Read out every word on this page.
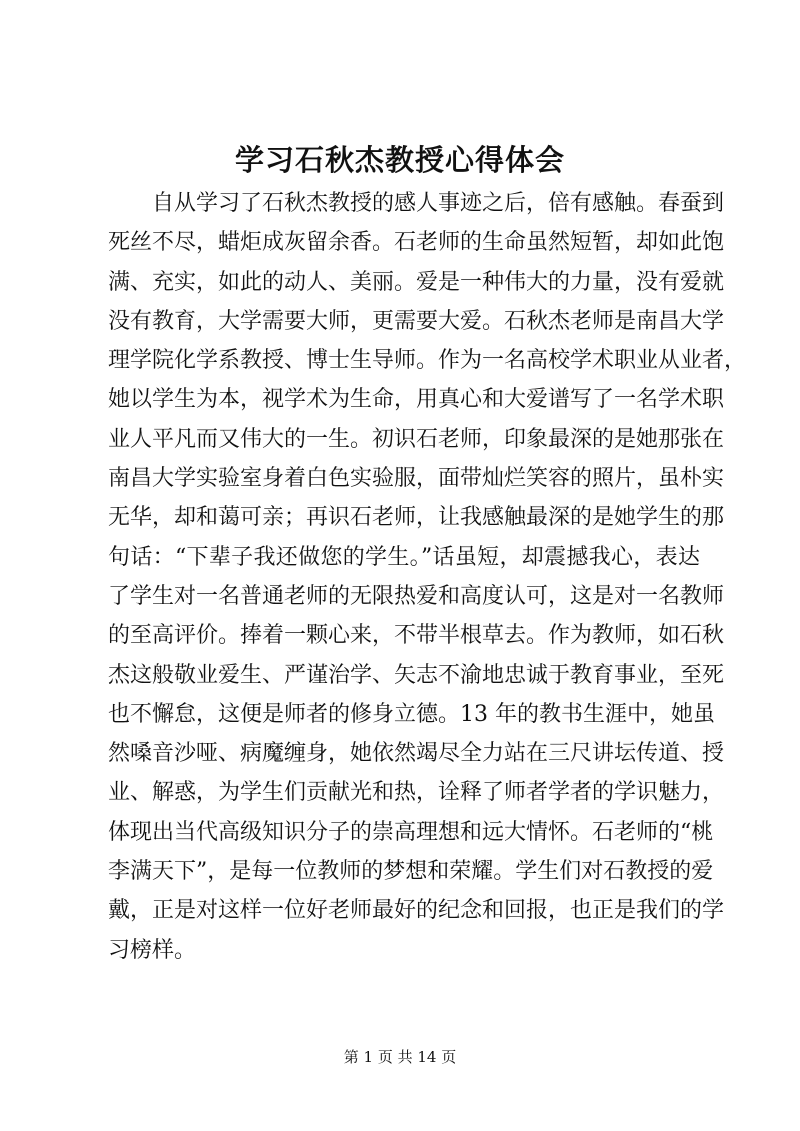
学习石秋杰教授心得体会
自从学习了石秋杰教授的感人事迹之后，倍有感触。春蚕到
死丝不尽，蜡炬成灰留余香。石老师的生命虽然短暂，却如此饱
满、充实，如此的动人、美丽。爱是一种伟大的力量，没有爱就
没有教育，大学需要大师，更需要大爱。石秋杰老师是南昌大学
理学院化学系教授、博士生导师。作为一名高校学术职业从业者，
她以学生为本，视学术为生命，用真心和大爱谱写了一名学术职
业人平凡而又伟大的一生。初识石老师，印象最深的是她那张在
南昌大学实验室身着白色实验服，面带灿烂笑容的照片，虽朴实
无华，却和蔼可亲；再识石老师，让我感触最深的是她学生的那
句话：“下辈子我还做您的学生。”话虽短，却震撼我心，表达
了学生对一名普通老师的无限热爱和高度认可，这是对一名教师
的至高评价。捧着一颗心来，不带半根草去。作为教师，如石秋
杰这般敬业爱生、严谨治学、矢志不渝地忠诚于教育事业，至死
也不懈怠，这便是师者的修身立德。13 年的教书生涯中，她虽
然嗓音沙哑、病魔缠身，她依然竭尽全力站在三尺讲坛传道、授
业、解惑，为学生们贡献光和热，诠释了师者学者的学识魅力，
体现出当代高级知识分子的崇高理想和远大情怀。石老师的“桃
李满天下”，是每一位教师的梦想和荣耀。学生们对石教授的爱
戴，正是对这样一位好老师最好的纪念和回报，也正是我们的学
习榜样。
第 1 页 共 14 页
